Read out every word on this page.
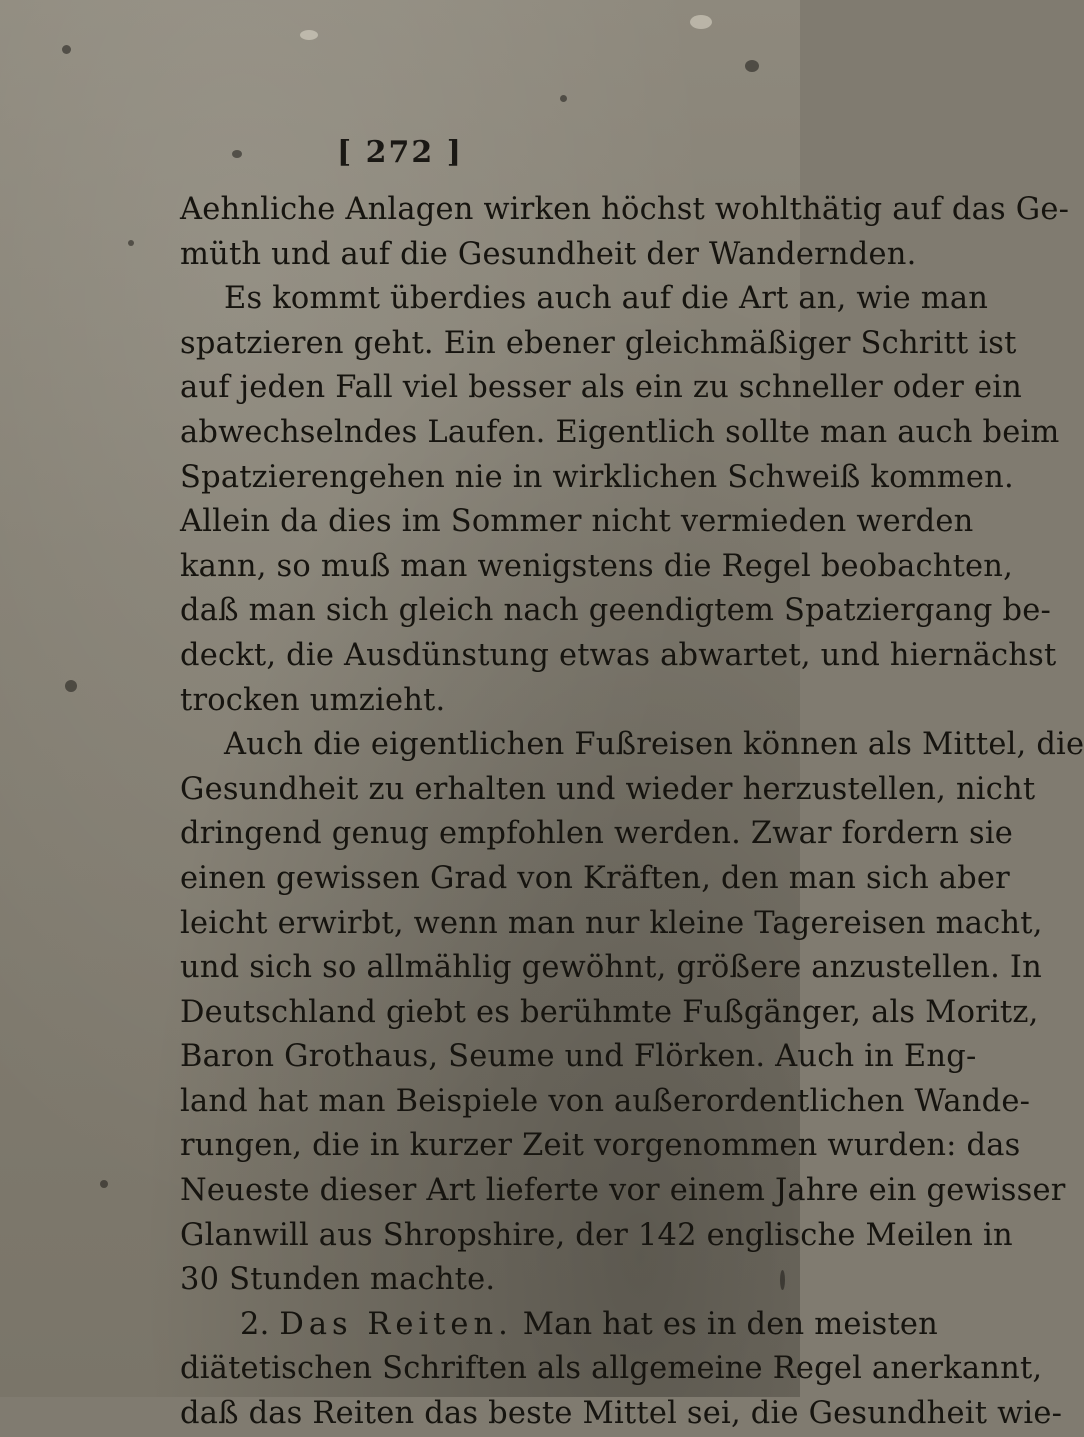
[ 272 ]
Aehnliche Anlagen wirken höchst wohlthätig auf das Ge-
müth und auf die Gesundheit der Wandernden.
Es kommt überdies auch auf die Art an, wie man
spatzieren geht. Ein ebener gleichmäßiger Schritt ist
auf jeden Fall viel besser als ein zu schneller oder ein
abwechselndes Laufen. Eigentlich sollte man auch beim
Spatzierengehen nie in wirklichen Schweiß kommen.
Allein da dies im Sommer nicht vermieden werden
kann, so muß man wenigstens die Regel beobachten,
daß man sich gleich nach geendigtem Spatziergang be-
deckt, die Ausdünstung etwas abwartet, und hiernächst
trocken umzieht.
Auch die eigentlichen Fußreisen können als Mittel, die
Gesundheit zu erhalten und wieder herzustellen, nicht
dringend genug empfohlen werden. Zwar fordern sie
einen gewissen Grad von Kräften, den man sich aber
leicht erwirbt, wenn man nur kleine Tagereisen macht,
und sich so allmählig gewöhnt, größere anzustellen. In
Deutschland giebt es berühmte Fußgänger, als Moritz,
Baron Grothaus, Seume und Flörken. Auch in Eng-
land hat man Beispiele von außerordentlichen Wande-
rungen, die in kurzer Zeit vorgenommen wurden: das
Neueste dieser Art lieferte vor einem Jahre ein gewisser
Glanwill aus Shropshire, der 142 englische Meilen in
30 Stunden machte.
2. Das Reiten. Man hat es in den meisten
diätetischen Schriften als allgemeine Regel anerkannt,
daß das Reiten das beste Mittel sei, die Gesundheit wie-
